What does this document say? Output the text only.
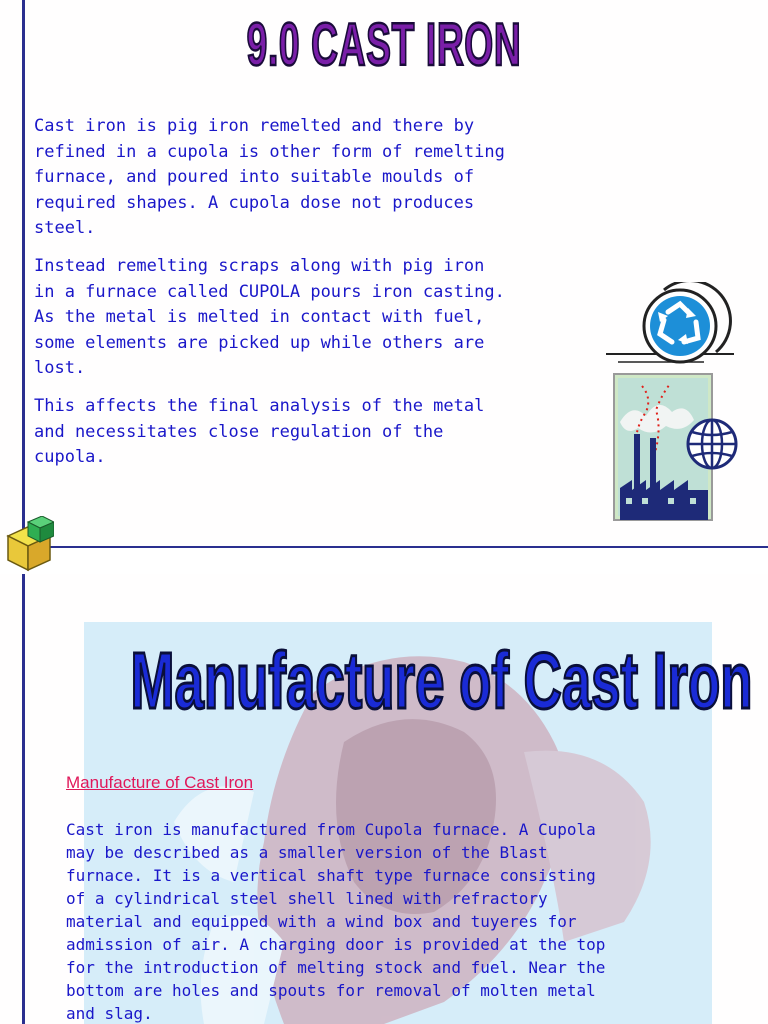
9.0 CAST IRON

Cast iron is pig iron remelted and there by
refined in a cupola is other form of remelting
furnace, and poured into suitable moulds of
required shapes. A cupola dose not produces
steel.

Instead remelting scraps along with pig iron
in a furnace called CUPOLA pours iron casting.
As the metal is melted in contact with fuel,
some elements are picked up while others are
lost.

This affects the final analysis of the metal
and necessitates close regulation of the
cupola.

Manufacture of Cast Iron

Manufacture of Cast Iron

Cast iron is manufactured from Cupola furnace. A Cupola
may be described as a smaller version of the Blast
furnace. It is a vertical shaft type furnace consisting
of a cylindrical steel shell lined with refractory
material and equipped with a wind box and tuyeres for
admission of air. A charging door is provided at the top
for the introduction of melting stock and fuel. Near the
bottom are holes and spouts for removal of molten metal
and slag.
